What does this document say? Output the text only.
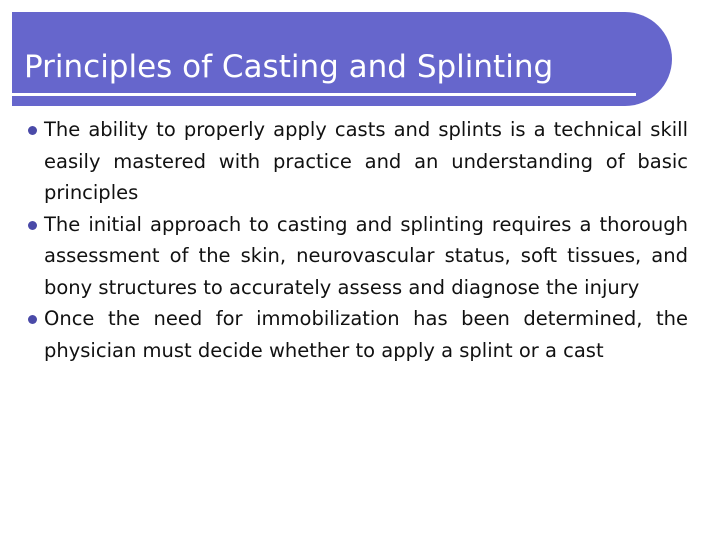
Principles of Casting and Splinting
The ability to properly apply casts and splints is a technical skill easily mastered with practice and an understanding of basic principles
The initial approach to casting and splinting requires a thorough assessment of the skin, neurovascular status, soft tissues, and bony structures to accurately assess and diagnose the injury
Once the need for immobilization has been determined, the physician must decide whether to apply a splint or a cast
